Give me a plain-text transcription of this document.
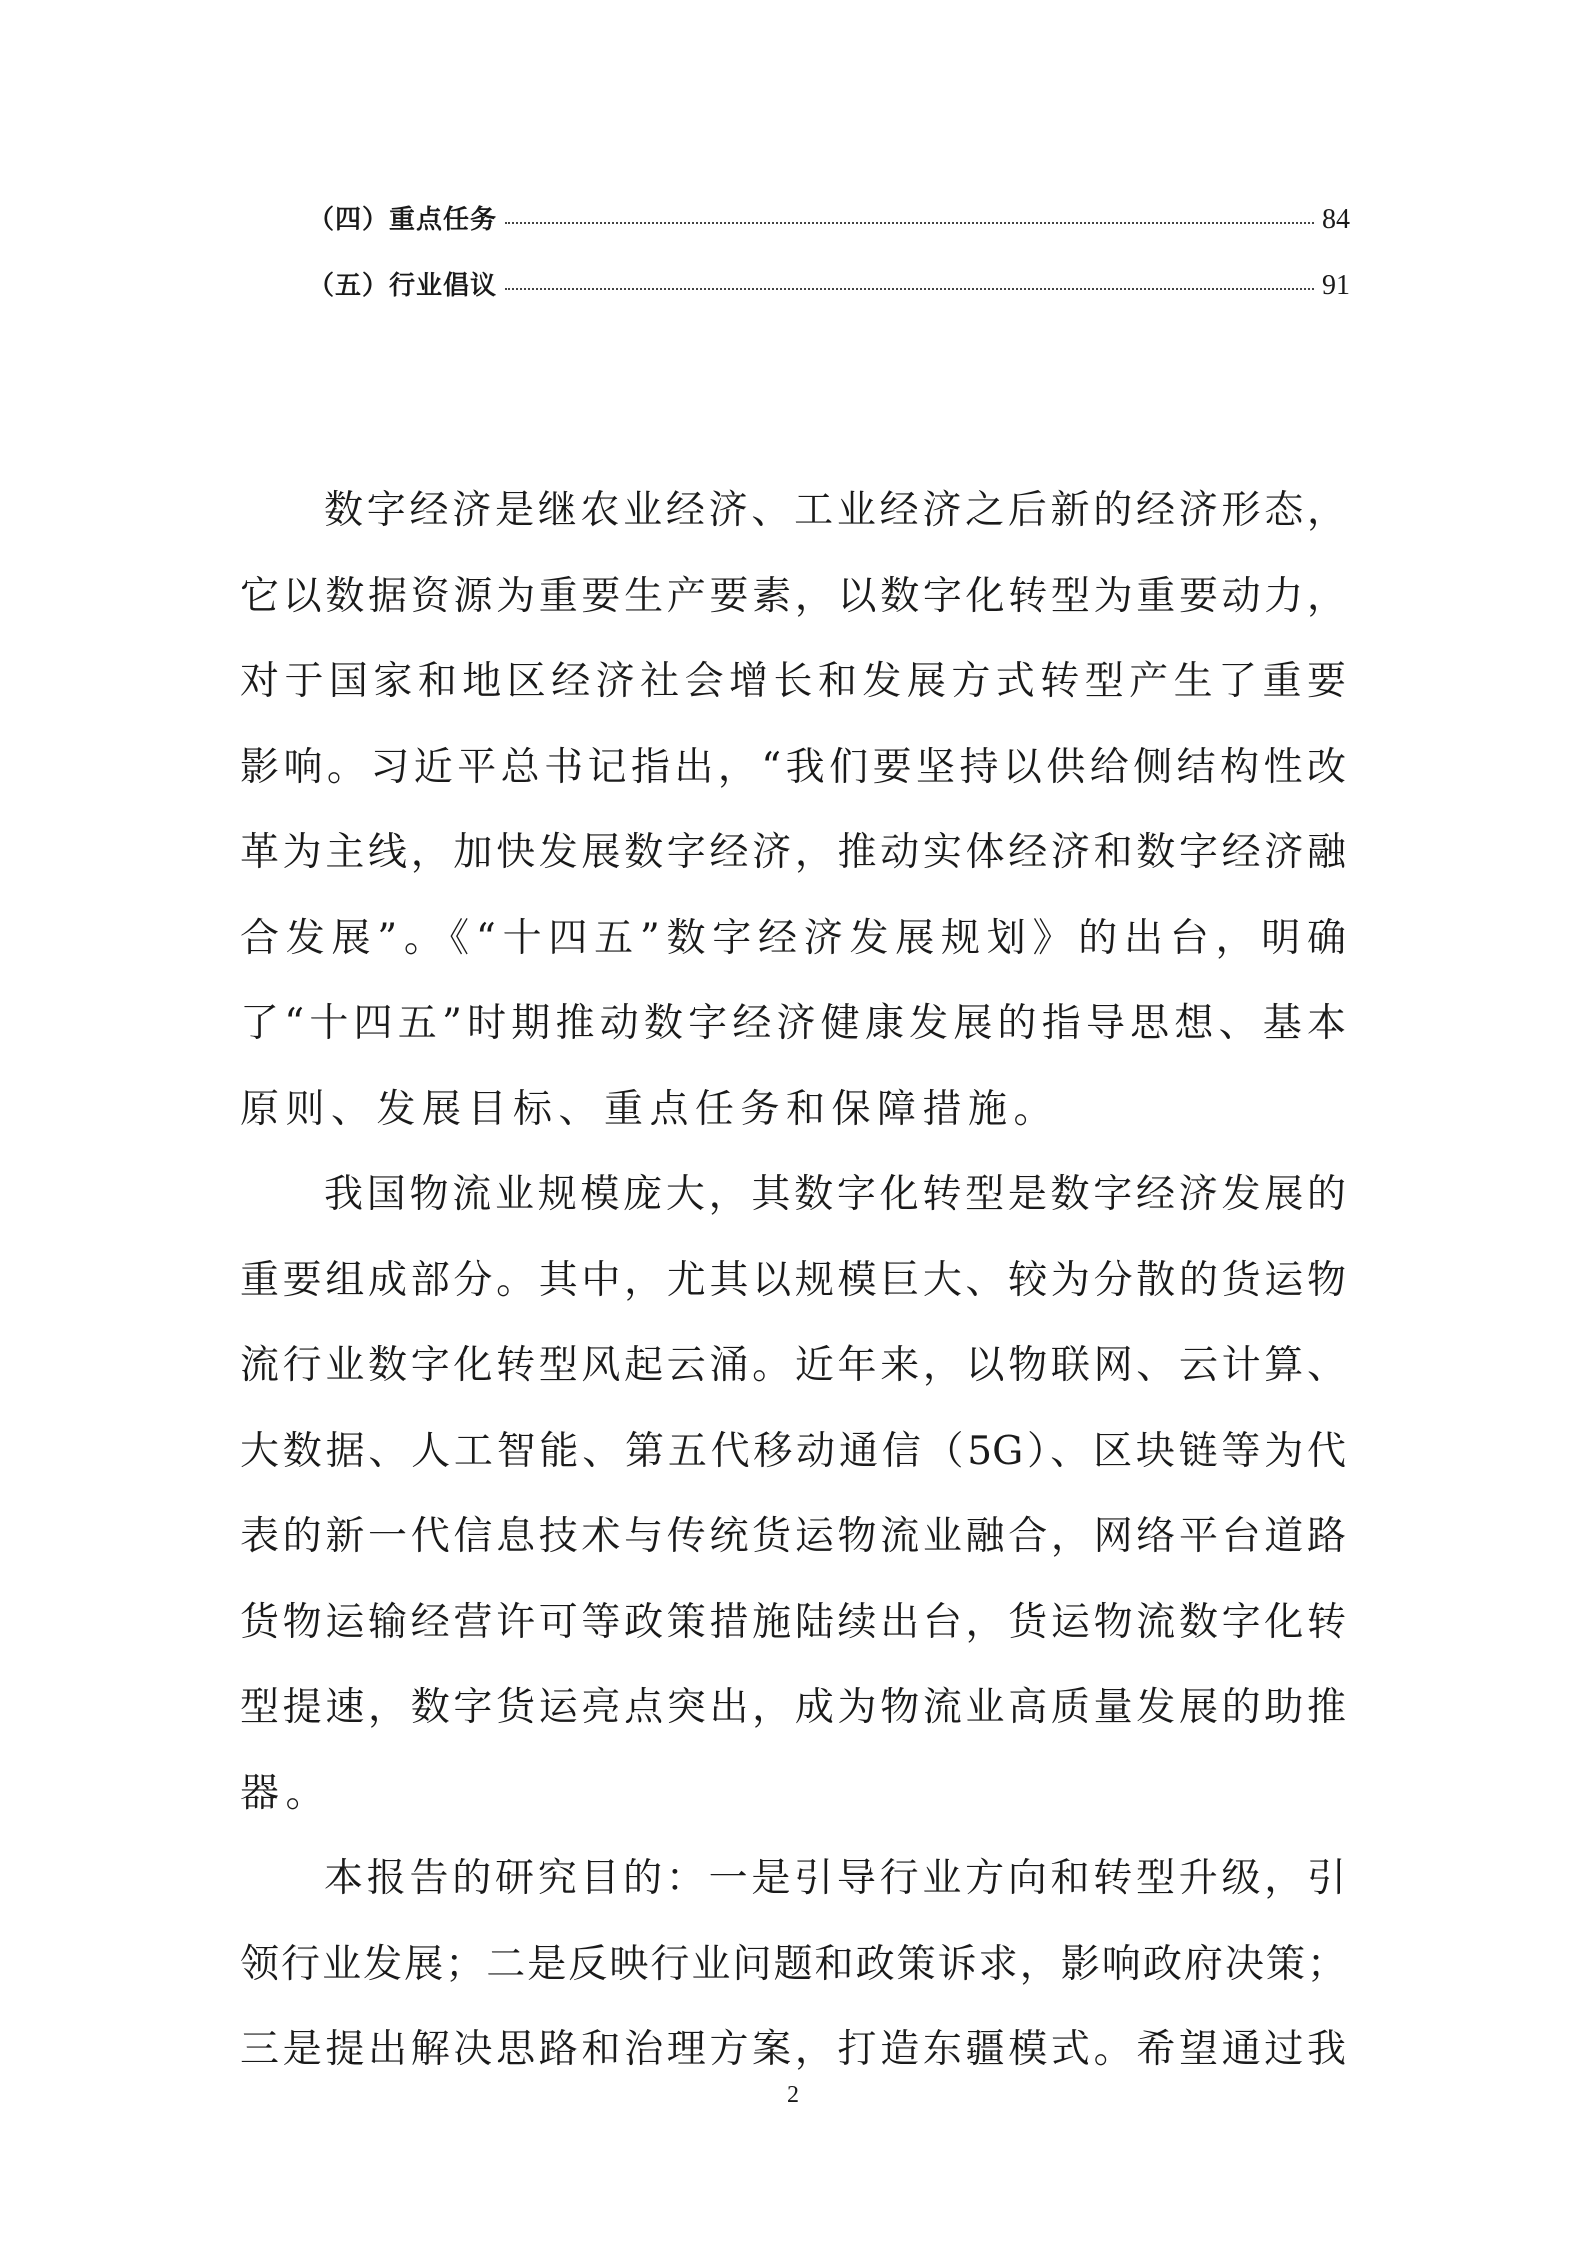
（四）重点任务	84
（五）行业倡议	91
数字经济是继农业经济、工业经济之后新的经济形态，
它以数据资源为重要生产要素，以数字化转型为重要动力，
对于国家和地区经济社会增长和发展方式转型产生了重要
影响。习近平总书记指出，“我们要坚持以供给侧结构性改
革为主线，加快发展数字经济，推动实体经济和数字经济融
合发展”。《“十四五”数字经济发展规划》的出台，明确
了“十四五”时期推动数字经济健康发展的指导思想、基本
原则、发展目标、重点任务和保障措施。
我国物流业规模庞大，其数字化转型是数字经济发展的
重要组成部分。其中，尤其以规模巨大、较为分散的货运物
流行业数字化转型风起云涌。近年来，以物联网、云计算、
大数据、人工智能、第五代移动通信（5G）、区块链等为代
表的新一代信息技术与传统货运物流业融合，网络平台道路
货物运输经营许可等政策措施陆续出台，货运物流数字化转
型提速，数字货运亮点突出，成为物流业高质量发展的助推
器。
本报告的研究目的：一是引导行业方向和转型升级，引
领行业发展；二是反映行业问题和政策诉求，影响政府决策；
三是提出解决思路和治理方案，打造东疆模式。希望通过我
2
